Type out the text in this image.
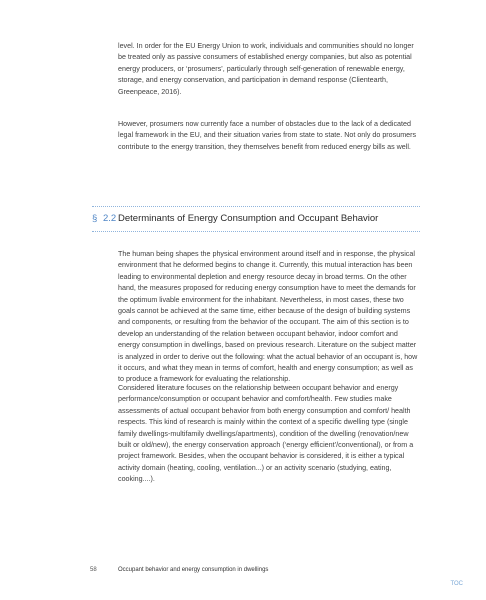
level. In order for the EU Energy Union to work, individuals and communities should no longer be treated only as passive consumers of established energy companies, but also as potential energy producers, or ‘prosumers’, particularly through self-generation of renewable energy, storage, and energy conservation, and participation in demand response (Clientearth, Greenpeace, 2016).

However, prosumers now currently face a number of obstacles due to the lack of a dedicated legal framework in the EU, and their situation varies from state to state. Not only do prosumers contribute to the energy transition, they themselves benefit from reduced energy bills as well.

§ 2.2 Determinants of Energy Consumption and Occupant Behavior

The human being shapes the physical environment around itself and in response, the physical environment that he deformed begins to change it. Currently, this mutual interaction has been leading to environmental depletion and energy resource decay in broad terms. On the other hand, the measures proposed for reducing energy consumption have to meet the demands for the optimum livable environment for the inhabitant. Nevertheless, in most cases, these two goals cannot be achieved at the same time, either because of the design of building systems and components, or resulting from the behavior of the occupant. The aim of this section is to develop an understanding of the relation between occupant behavior, indoor comfort and energy consumption in dwellings, based on previous research. Literature on the subject matter is analyzed in order to derive out the following: what the actual behavior of an occupant is, how it occurs, and what they mean in terms of comfort, health and energy consumption; as well as to produce a framework for evaluating the relationship.

Considered literature focuses on the relationship between occupant behavior and energy performance/consumption or occupant behavior and comfort/health. Few studies make assessments of actual occupant behavior from both energy consumption and comfort/ health respects. This kind of research is mainly within the context of a specific dwelling type (single family dwellings-multifamily dwellings/apartments), condition of the dwelling (renovation/new built or old/new), the energy conservation approach (‘energy efficient’/conventional), or from a project framework. Besides, when the occupant behavior is considered, it is either a typical activity domain (heating, cooling, ventilation...) or an activity scenario (studying, eating, cooking....).

58	Occupant behavior and energy consumption in dwellings
TOC
